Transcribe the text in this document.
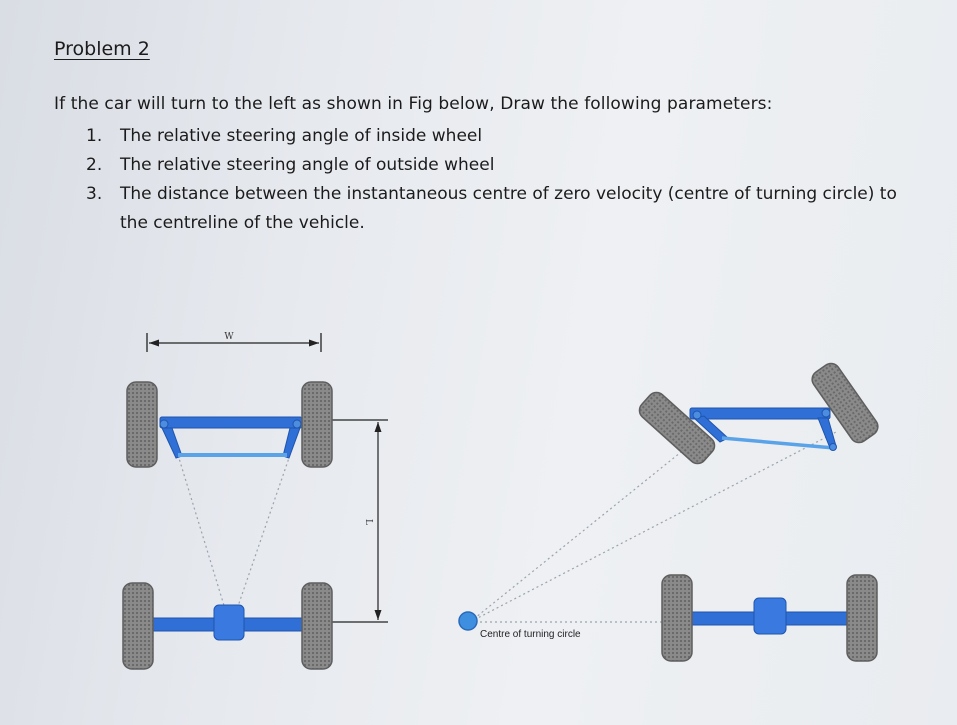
Problem 2
If the car will turn to the left as shown in Fig below, Draw the following parameters:
1. The relative steering angle of inside wheel
2. The relative steering angle of outside wheel
3. The distance between the instantaneous centre of zero velocity (centre of turning circle) to the centreline of the vehicle.
W
L
Centre of turning circle
